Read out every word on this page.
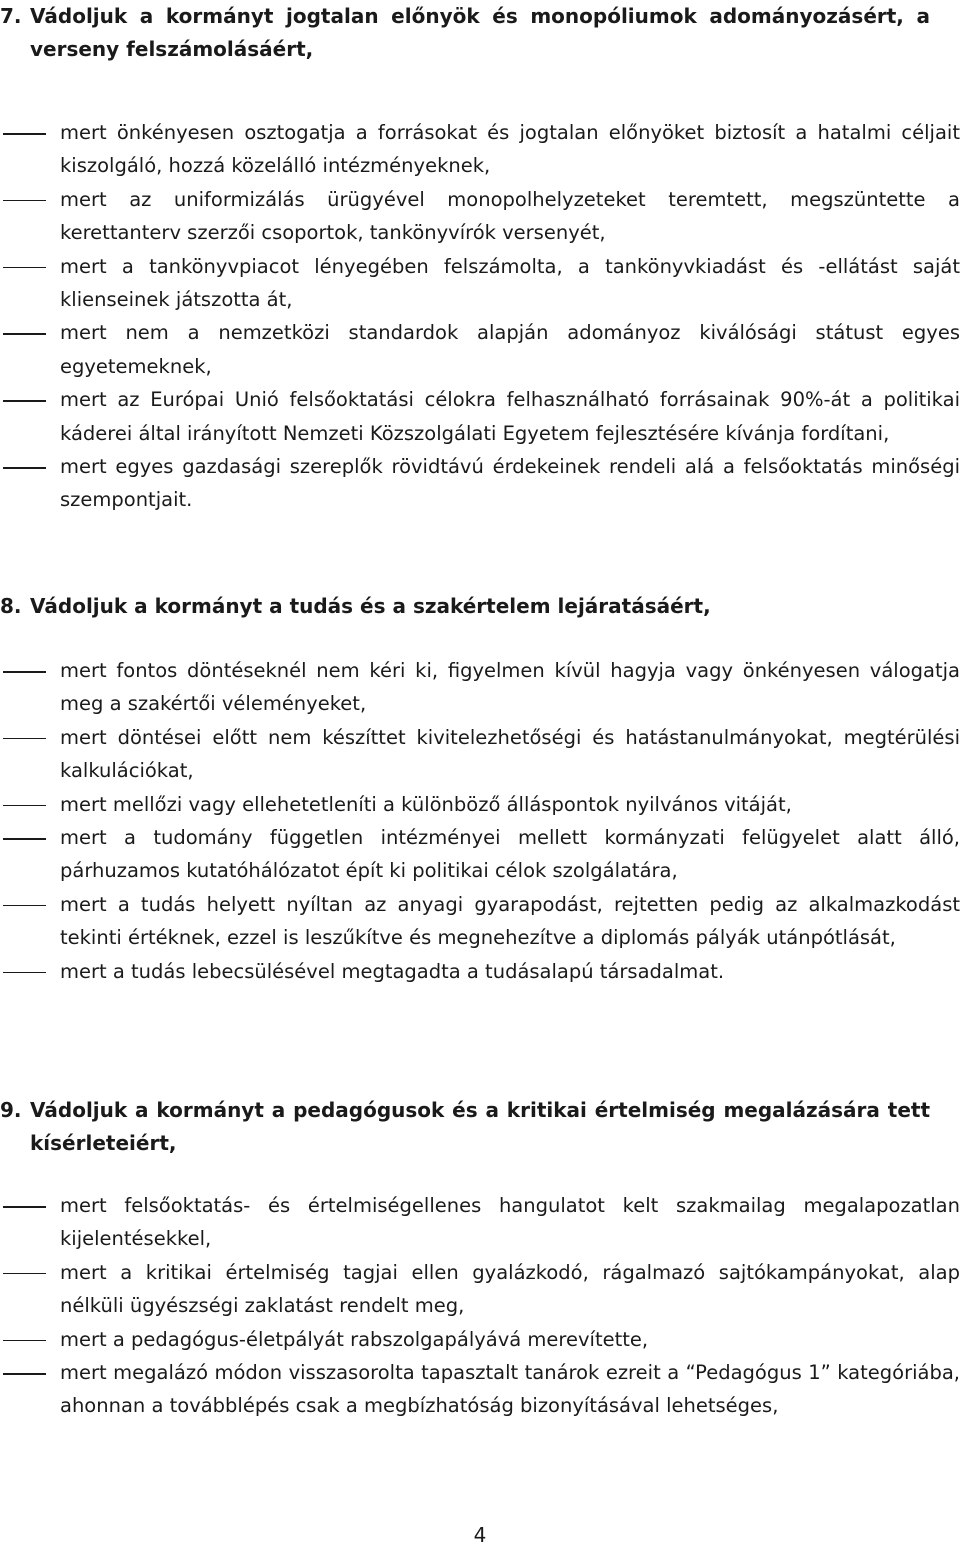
7. Vádoljuk a kormányt jogtalan előnyök és monopóliumok adományozásért, a verseny felszámolásáért,
mert önkényesen osztogatja a forrásokat és jogtalan előnyöket biztosít a hatalmi céljait kiszolgáló, hozzá közelálló intézményeknek,
mert az uniformizálás ürügyével monopolhelyzeteket teremtett, megszüntette a kerettanterv szerzői csoportok, tankönyvírók versenyét,
mert a tankönyvpiacot lényegében felszámolta, a tankönyvkiadást és -ellátást saját klienseinek játszotta át,
mert nem a nemzetközi standardok alapján adományoz kiválósági státust egyes egyetemeknek,
mert az Európai Unió felsőoktatási célokra felhasználható forrásainak 90%-át a politikai káderei által irányított Nemzeti Közszolgálati Egyetem fejlesztésére kívánja fordítani,
mert egyes gazdasági szereplők rövidtávú érdekeinek rendeli alá a felsőoktatás minőségi szempontjait.
8. Vádoljuk a kormányt a tudás és a szakértelem lejáratásáért,
mert fontos döntéseknél nem kéri ki, figyelmen kívül hagyja vagy önkényesen válogatja meg a szakértői véleményeket,
mert döntései előtt nem készíttet kivitelezhetőségi és hatástanulmányokat, megtérülési kalkulációkat,
mert mellőzi vagy ellehetetleníti a különböző álláspontok nyilvános vitáját,
mert a tudomány független intézményei mellett kormányzati felügyelet alatt álló, párhuzamos kutatóhálózatot épít ki politikai célok szolgálatára,
mert a tudás helyett nyíltan az anyagi gyarapodást, rejtetten pedig az alkalmazkodást tekinti értéknek, ezzel is leszűkítve és megnehezítve a diplomás pályák utánpótlását,
mert a tudás lebecsülésével megtagadta a tudásalapú társadalmat.
9. Vádoljuk a kormányt a pedagógusok és a kritikai értelmiség megalázására tett kísérleteiért,
mert felsőoktatás- és értelmiségellenes hangulatot kelt szakmailag megalapozatlan kijelentésekkel,
mert a kritikai értelmiség tagjai ellen gyalázkodó, rágalmazó sajtókampányokat, alap nélküli ügyészségi zaklatást rendelt meg,
mert a pedagógus-életpályát rabszolgapályává merevítette,
mert megalázó módon visszasorolta tapasztalt tanárok ezreit a “Pedagógus 1” kategóriába, ahonnan a továbblépés csak a megbízhatóság bizonyításával lehetséges,
4
